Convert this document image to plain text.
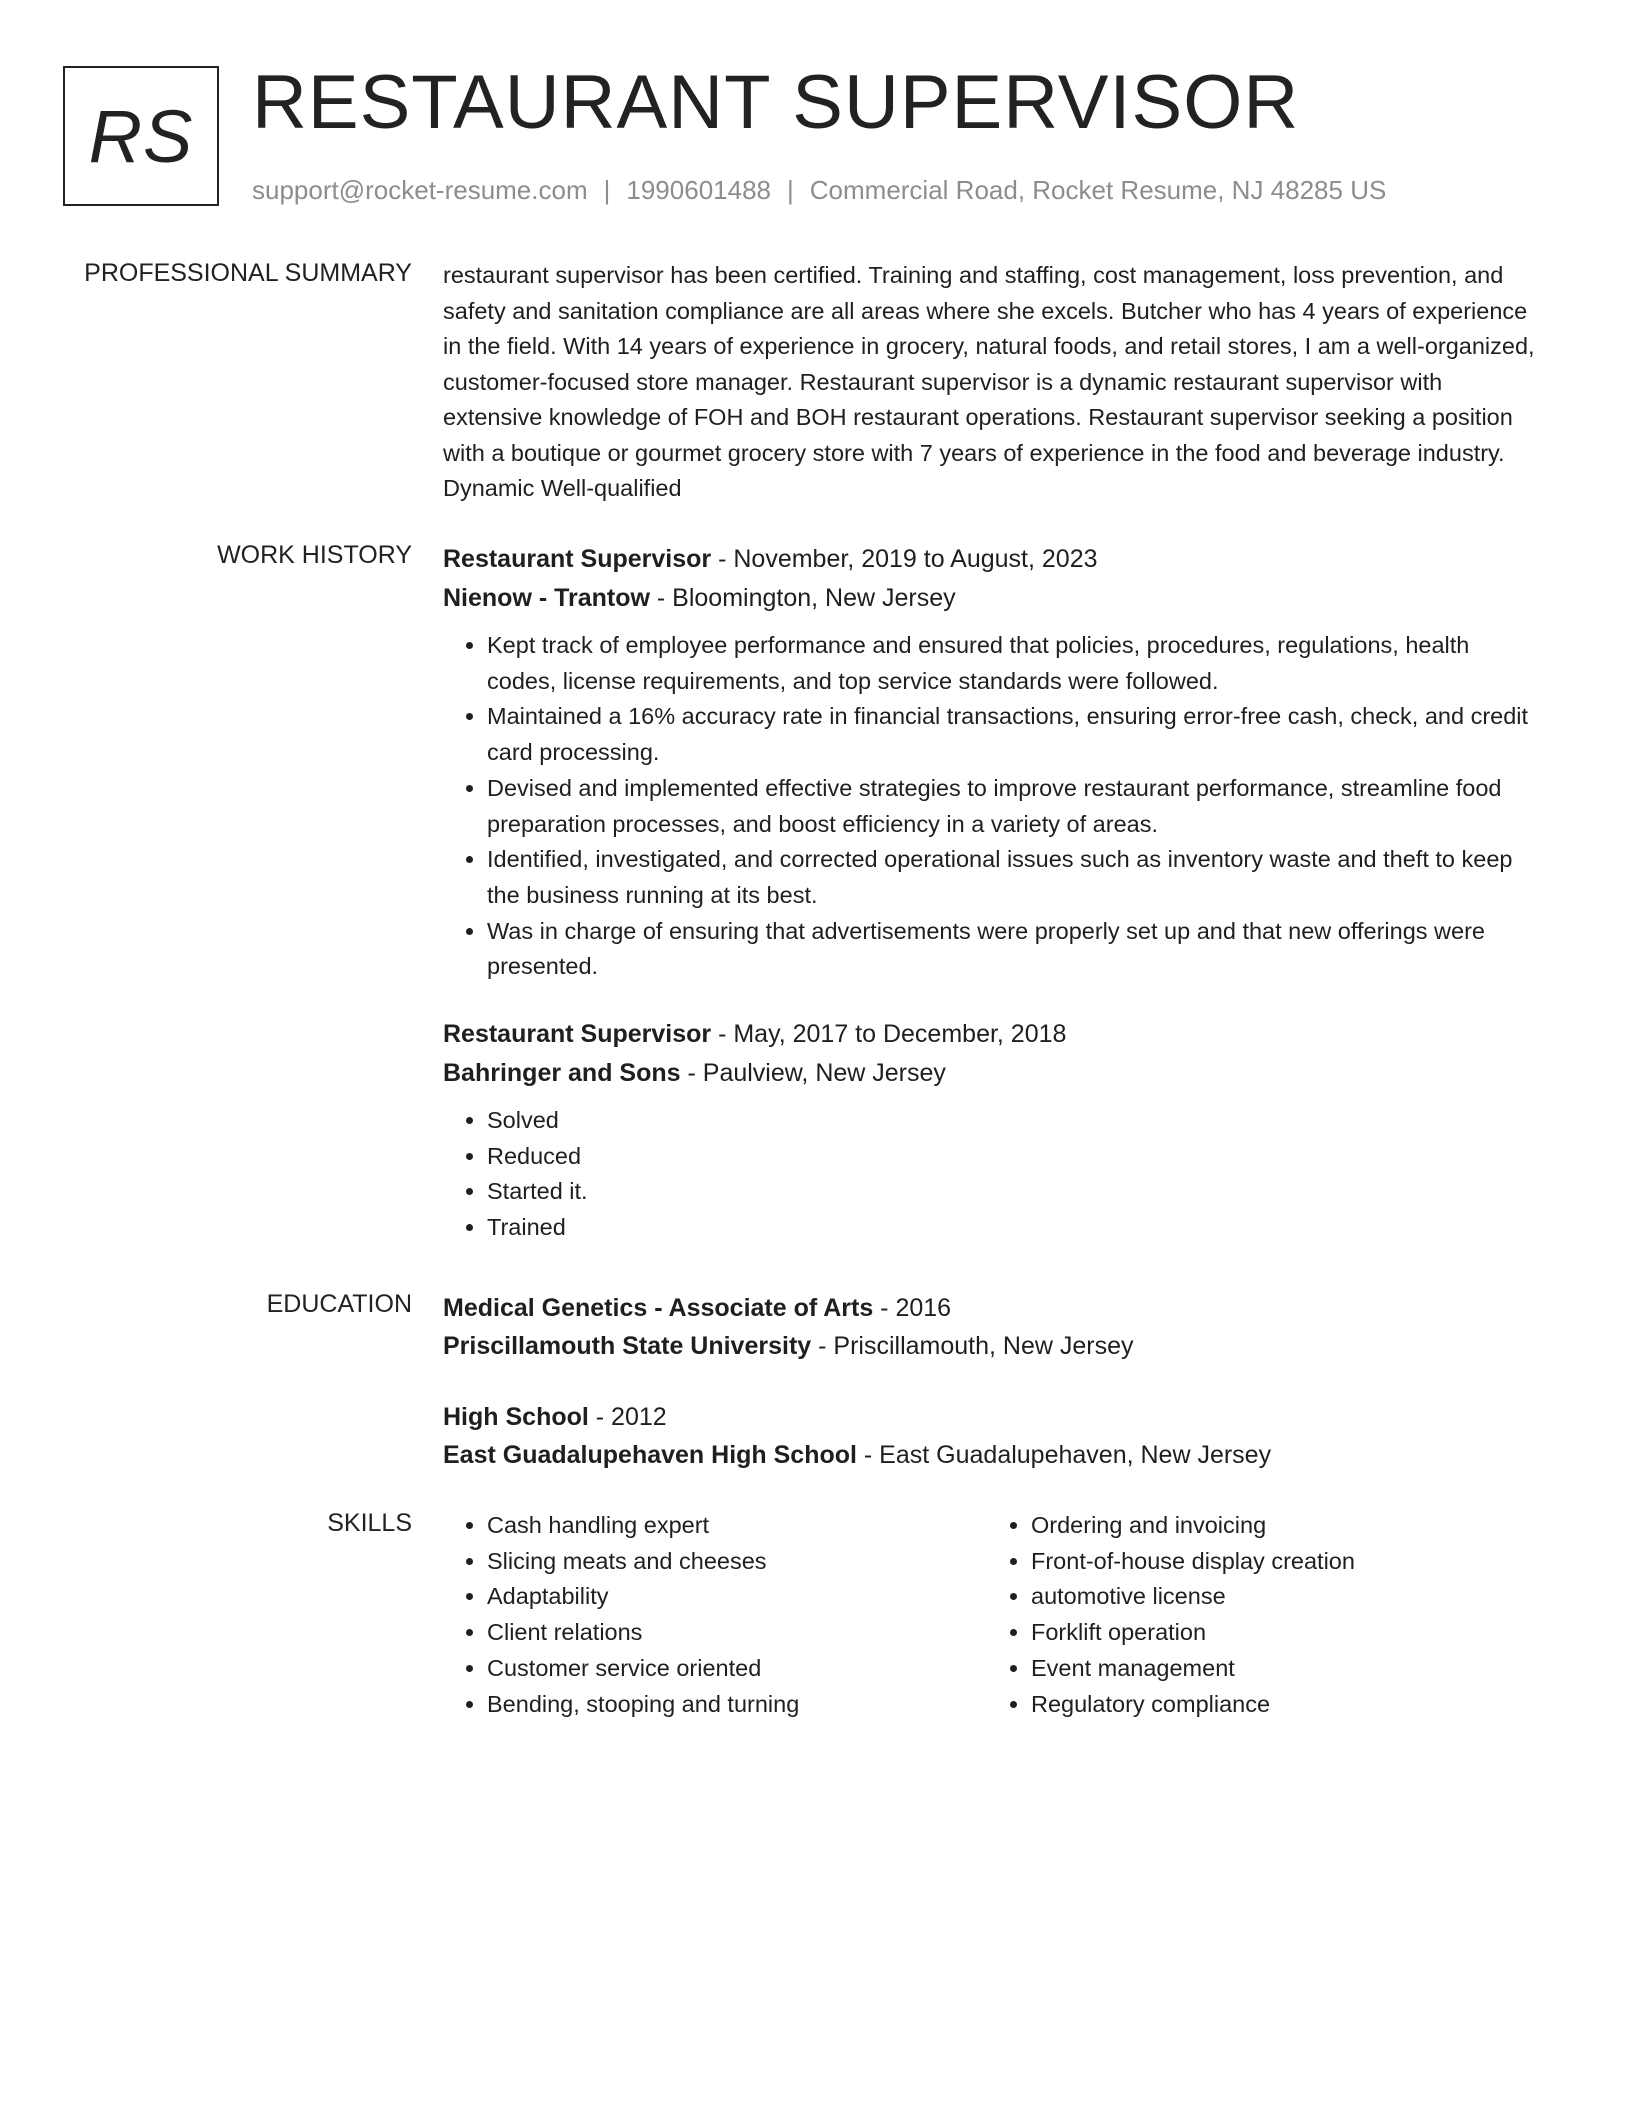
RS RESTAURANT SUPERVISOR
support@rocket-resume.com | 1990601488 | Commercial Road, Rocket Resume, NJ 48285 US
PROFESSIONAL SUMMARY restaurant supervisor has been certified. Training and staffing, cost management, loss prevention, and safety and sanitation compliance are all areas where she excels. Butcher who has 4 years of experience in the field. With 14 years of experience in grocery, natural foods, and retail stores, I am a well-organized, customer-focused store manager. Restaurant supervisor is a dynamic restaurant supervisor with extensive knowledge of FOH and BOH restaurant operations. Restaurant supervisor seeking a position with a boutique or gourmet grocery store with 7 years of experience in the food and beverage industry. Dynamic Well-qualified

WORK HISTORY Restaurant Supervisor - November, 2019 to August, 2023
Nienow - Trantow - Bloomington, New Jersey
• Kept track of employee performance and ensured that policies, procedures, regulations, health codes, license requirements, and top service standards were followed.
• Maintained a 16% accuracy rate in financial transactions, ensuring error-free cash, check, and credit card processing.
• Devised and implemented effective strategies to improve restaurant performance, streamline food preparation processes, and boost efficiency in a variety of areas.
• Identified, investigated, and corrected operational issues such as inventory waste and theft to keep the business running at its best.
• Was in charge of ensuring that advertisements were properly set up and that new offerings were presented.
Restaurant Supervisor - May, 2017 to December, 2018
Bahringer and Sons - Paulview, New Jersey
• Solved
• Reduced
• Started it.
• Trained
EDUCATION Medical Genetics - Associate of Arts - 2016
Priscillamouth State University - Priscillamouth, New Jersey
High School - 2012
East Guadalupehaven High School - East Guadalupehaven, New Jersey
SKILLS
•	Cash handling expert
• Slicing meats and cheeses
• Adaptability
• Client relations
• Customer service oriented
• Bending, stooping and turning
• Ordering and invoicing
• Front-of-house display creation
• automotive license
• Forklift operation
• Event management
• Regulatory compliance
